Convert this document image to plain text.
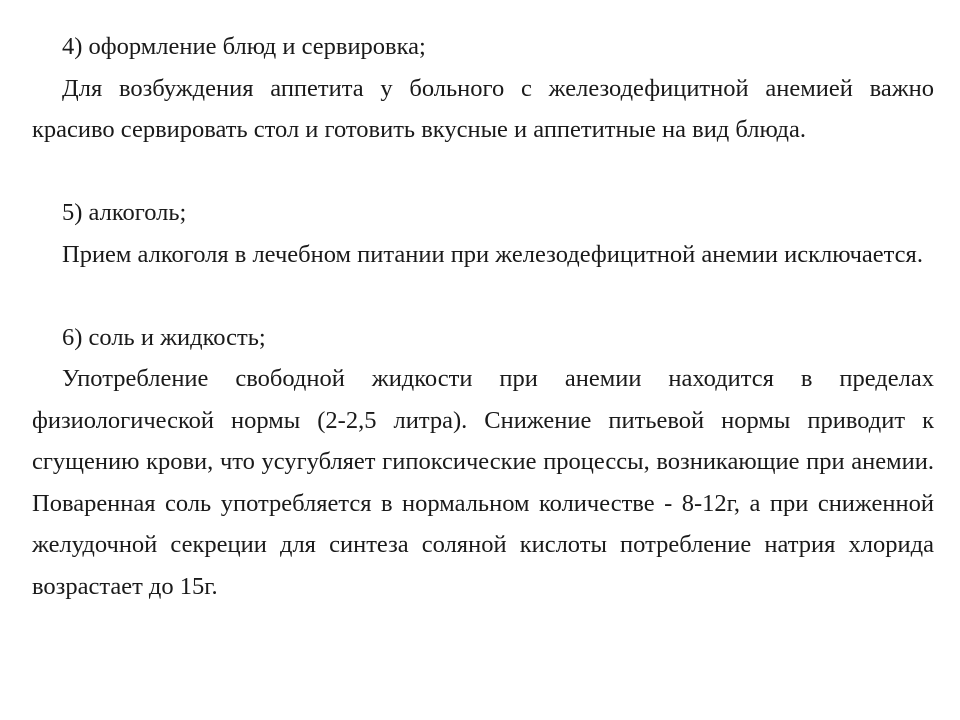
4) оформление блюд и сервировка;

Для возбуждения аппетита у больного с железодефицитной анемией важно красиво сервировать стол и готовить вкусные и аппетитные на вид блюда.

5) алкоголь;

Прием алкоголя в лечебном питании при железодефицитной анемии исключается.

6) соль и жидкость;

Употребление свободной жидкости при анемии находится в пределах физиологической нормы (2-2,5 литра). Снижение питьевой нормы приводит к сгущению крови, что усугубляет гипоксические процессы, возникающие при анемии. Поваренная соль употребляется в нормальном количестве - 8-12г, а при сниженной желудочной секреции для синтеза соляной кислоты потребление натрия хлорида возрастает до 15г.
